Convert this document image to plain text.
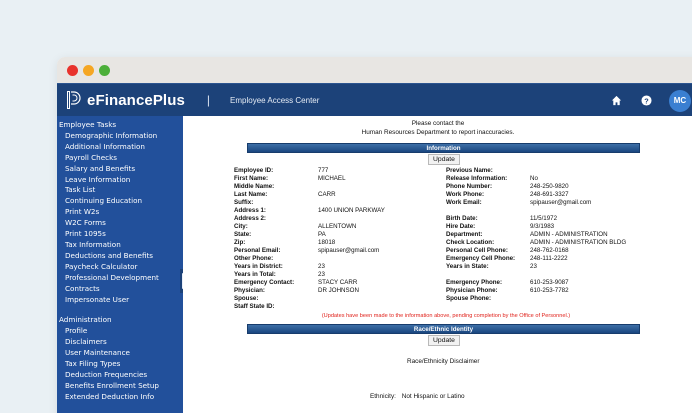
eFinancePlus |	Employee Access Center	?	MC
Employee Tasks
Demographic Information
Additional Information
Payroll Checks
Salary and Benefits
Leave Information
Task List
Continuing Education
Print W2s
W2C Forms
Print 1095s
Tax Information
Deductions and Benefits
Paycheck Calculator
Professional Development
Contracts
Impersonate User
Administration
Profile
Disclaimers
User Maintenance
Tax Filing Types
Deduction Frequencies
Benefits Enrollment Setup
Extended Deduction Info
Please contact the
Human Resources Department to report inaccuracies.
Information
Update
Employee ID:	777
First Name:	MICHAEL
Middle Name:
Last Name:	CARR
Suffix:
Address 1:	1400 UNION PARKWAY
Address 2:
City:	ALLENTOWN
State:	PA
Zip:	18018
Personal Email:	spipauser@gmail.com
Other Phone:
Years in District:	23
Years in Total:	23
Emergency Contact:	STACY CARR
Physician:	DR JOHNSON
Spouse:
Staff State ID:
Previous Name:
Release Information:	No
Phone Number:	248-250-9820
Work Phone:	248-691-3327
Work Email:	spipauser@gmail.com
Birth Date:	11/5/1972
Hire Date:	9/3/1983
Department:	ADMIN - ADMINISTRATION
Check Location:	ADMIN - ADMINISTRATION BLDG
Personal Cell Phone:	248-762-0168
Emergency Cell Phone: 248-111-2222
Years in State:	23
Emergency Phone:	610-253-9087
Physician Phone:	610-253-7782
Spouse Phone:
(Updates have been made to the information above, pending completion by the Office of Personnel.)
Race/Ethnic Identity
Update
Race/Ethnicity Disclaimer
Ethnicity: Not Hispanic or Latino
